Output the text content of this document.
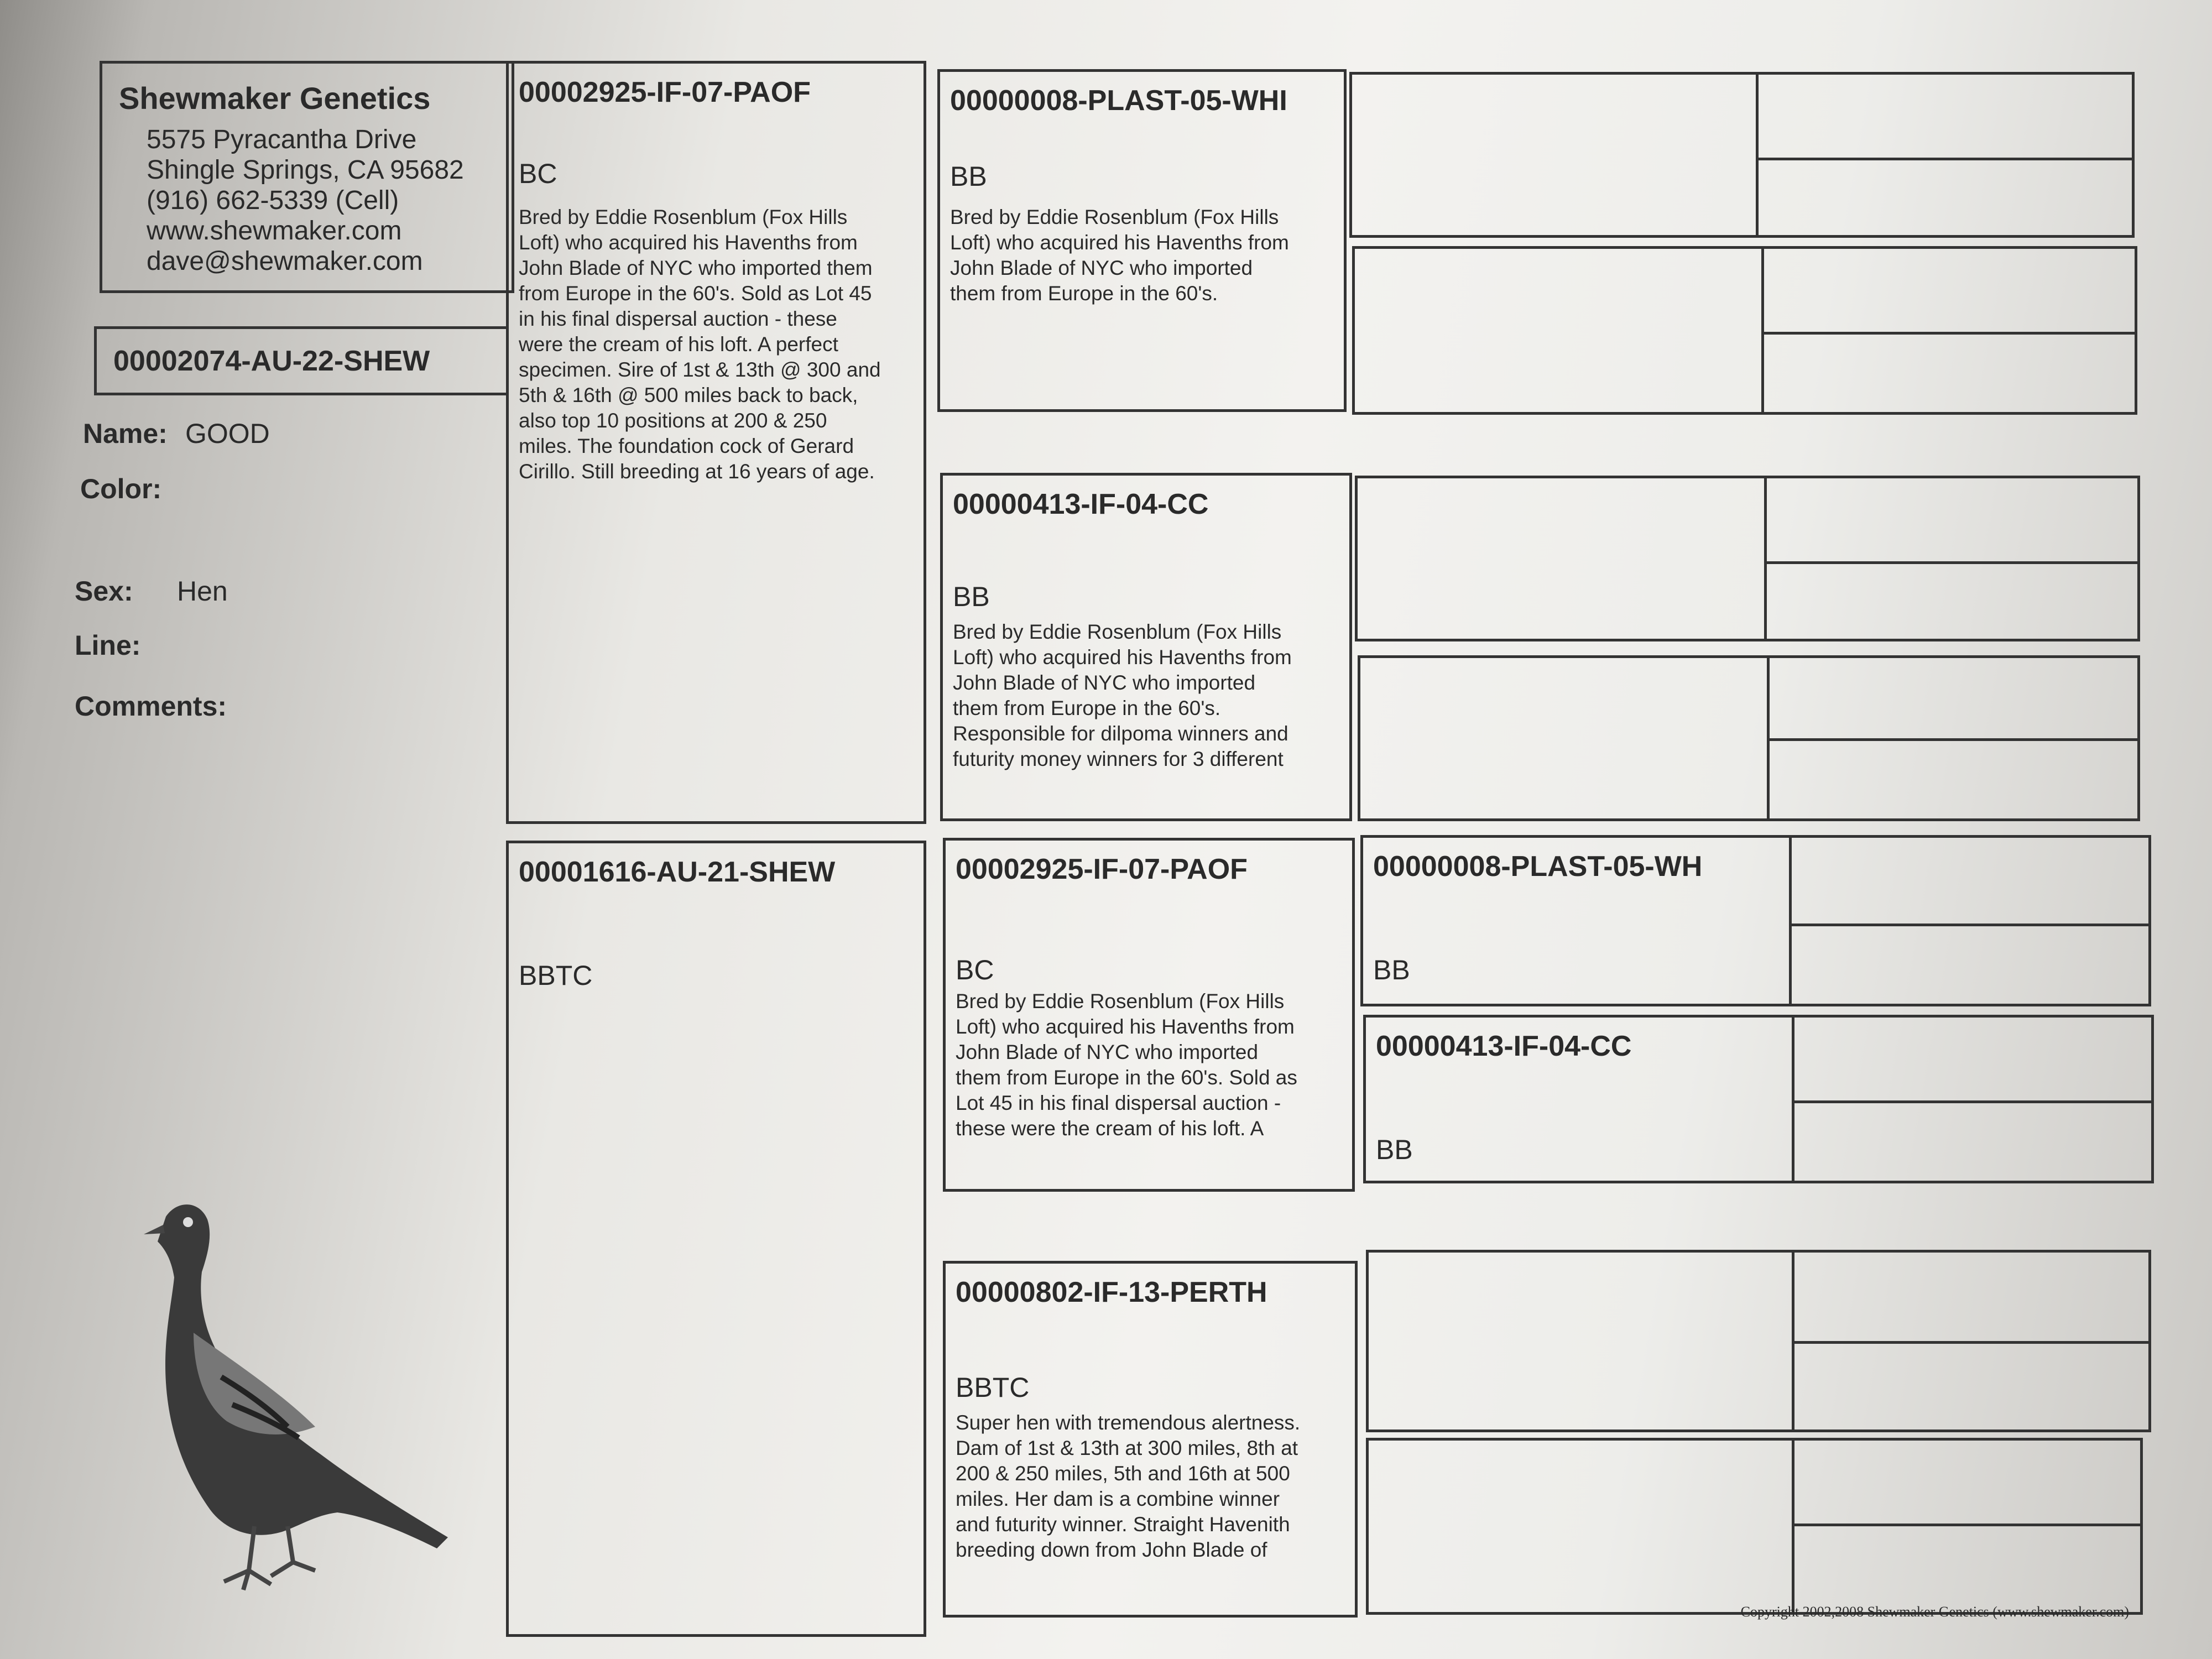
Shewmaker Genetics
5575 Pyracantha Drive
Shingle Springs, CA 95682
(916) 662-5339 (Cell)
www.shewmaker.com
dave@shewmaker.com
00002074-AU-22-SHEW
Name: GOOD
Color:
Sex: Hen
Line:
Comments:
00002925-IF-07-PAOF
BC
Bred by Eddie Rosenblum (Fox Hills
Loft) who acquired his Havenths from
John Blade of NYC who imported them
from Europe in the 60's. Sold as Lot 45
in his final dispersal auction - these
were the cream of his loft. A perfect
specimen. Sire of 1st & 13th @ 300 and
5th & 16th @ 500 miles back to back,
also top 10 positions at 200 & 250
miles. The foundation cock of Gerard
Cirillo. Still breeding at 16 years of age.
00001616-AU-21-SHEW
BBTC
00000008-PLAST-05-WHI
BB
Bred by Eddie Rosenblum (Fox Hills
Loft) who acquired his Havenths from
John Blade of NYC who imported
them from Europe in the 60's.
00000413-IF-04-CC
BB
Bred by Eddie Rosenblum (Fox Hills
Loft) who acquired his Havenths from
John Blade of NYC who imported
them from Europe in the 60's.
Responsible for dilpoma winners and
futurity money winners for 3 different
00002925-IF-07-PAOF
BC
Bred by Eddie Rosenblum (Fox Hills
Loft) who acquired his Havenths from
John Blade of NYC who imported
them from Europe in the 60's. Sold as
Lot 45 in his final dispersal auction -
these were the cream of his loft. A
00000802-IF-13-PERTH
BBTC
Super hen with tremendous alertness.
Dam of 1st & 13th at 300 miles, 8th at
200 & 250 miles, 5th and 16th at 500
miles. Her dam is a combine winner
and futurity winner. Straight Havenith
breeding down from John Blade of
00000008-PLAST-05-WH
BB
00000413-IF-04-CC
BB
Copyright 2002,2008 Shewmaker Genetics (www.shewmaker.com)
